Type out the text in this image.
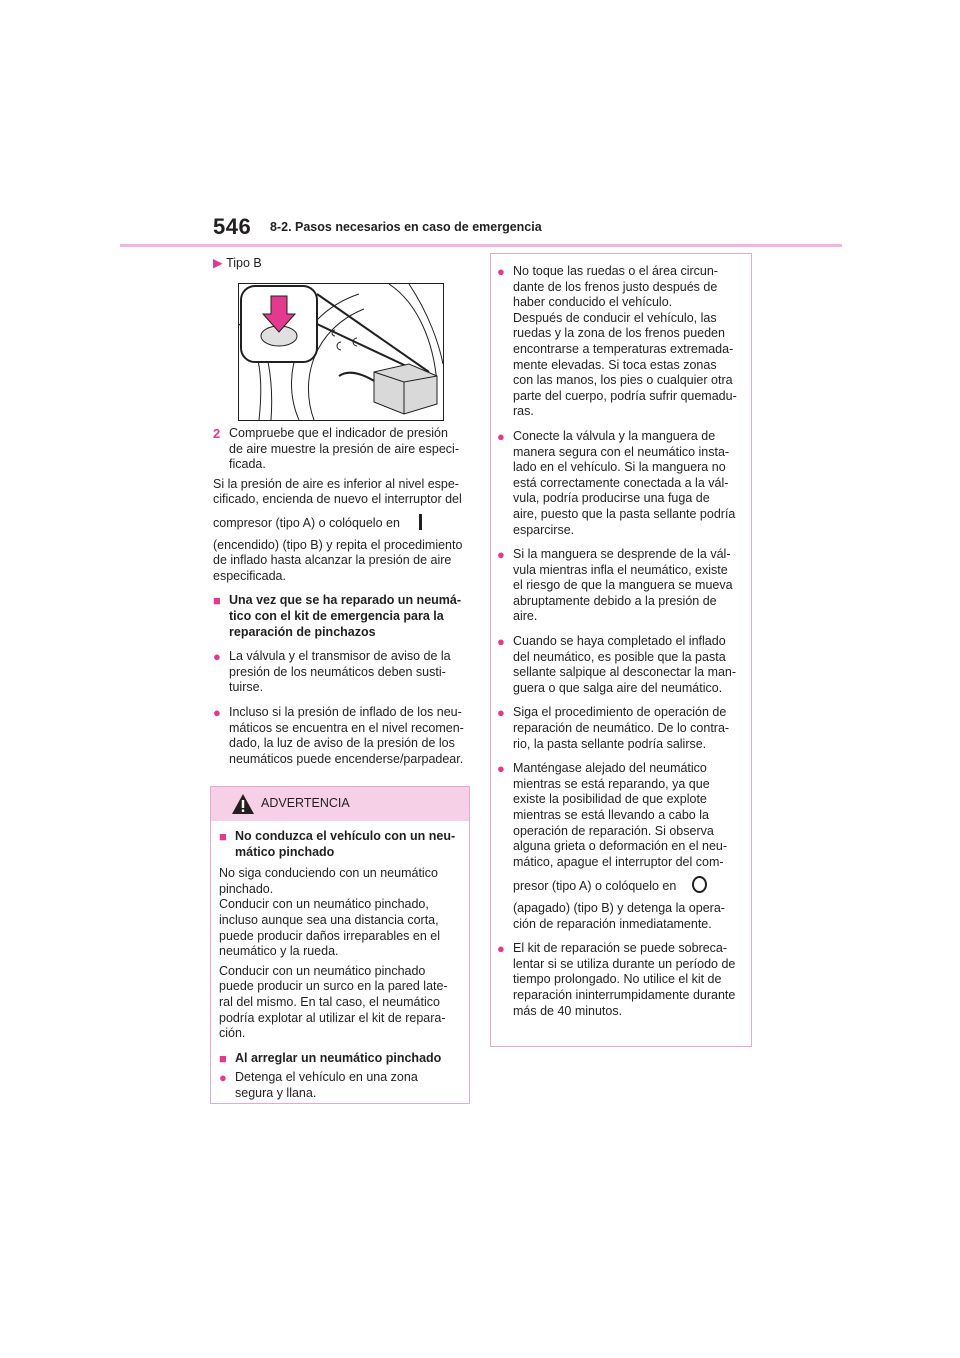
546 8-2. Pasos necesarios en caso de emergencia
▶ Tipo B
2 Compruebe que el indicador de presión

de aire muestre la presión de aire especi-

ficada.

Si la presión de aire es inferior al nivel espe-

cificado, encienda de nuevo el interruptor del

compresor (tipo A) o colóquelo en

(encendido) (tipo B) y repita el procedimiento

de inflado hasta alcanzar la presión de aire

especificada.

■ Una vez que se ha reparado un neumá-

tico con el kit de emergencia para la

reparación de pinchazos

● La válvula y el transmisor de aviso de la

presión de los neumáticos deben susti-

tuirse.

● Incluso si la presión de inflado de los neu-

máticos se encuentra en el nivel recomen-

dado, la luz de aviso de la presión de los

neumáticos puede encenderse/parpadear.

ADVERTENCIA
■ No conduzca el vehículo con un neu-

mático pinchado

No siga conduciendo con un neumático

pinchado.

Conducir con un neumático pinchado,

incluso aunque sea una distancia corta,

puede producir daños irreparables en el

neumático y la rueda.

Conducir con un neumático pinchado

puede producir un surco en la pared late-

ral del mismo. En tal caso, el neumático

podría explotar al utilizar el kit de repara-

ción.

■ Al arreglar un neumático pinchado

● Detenga el vehículo en una zona

segura y llana.

● No toque las ruedas o el área circun-

dante de los frenos justo después de

haber conducido el vehículo.

Después de conducir el vehículo, las

ruedas y la zona de los frenos pueden

encontrarse a temperaturas extremada-

mente elevadas. Si toca estas zonas

con las manos, los pies o cualquier otra

parte del cuerpo, podría sufrir quemadu-

ras.

● Conecte la válvula y la manguera de

manera segura con el neumático insta-

lado en el vehículo. Si la manguera no

está correctamente conectada a la vál-

vula, podría producirse una fuga de

aire, puesto que la pasta sellante podría

esparcirse.

● Si la manguera se desprende de la vál-

vula mientras infla el neumático, existe

el riesgo de que la manguera se mueva

abruptamente debido a la presión de

aire.

● Cuando se haya completado el inflado

del neumático, es posible que la pasta

sellante salpique al desconectar la man-

guera o que salga aire del neumático.

● Siga el procedimiento de operación de

reparación de neumático. De lo contra-

rio, la pasta sellante podría salirse.

● Manténgase alejado del neumático

mientras se está reparando, ya que

existe la posibilidad de que explote

mientras se está llevando a cabo la

operación de reparación. Si observa

alguna grieta o deformación en el neu-

mático, apague el interruptor del com-

presor (tipo A) o colóquelo en

(apagado) (tipo B) y detenga la opera-

ción de reparación inmediatamente.

● El kit de reparación se puede sobreca-

lentar si se utiliza durante un período de

tiempo prolongado. No utilice el kit de

reparación ininterrumpidamente durante

más de 40 minutos.
